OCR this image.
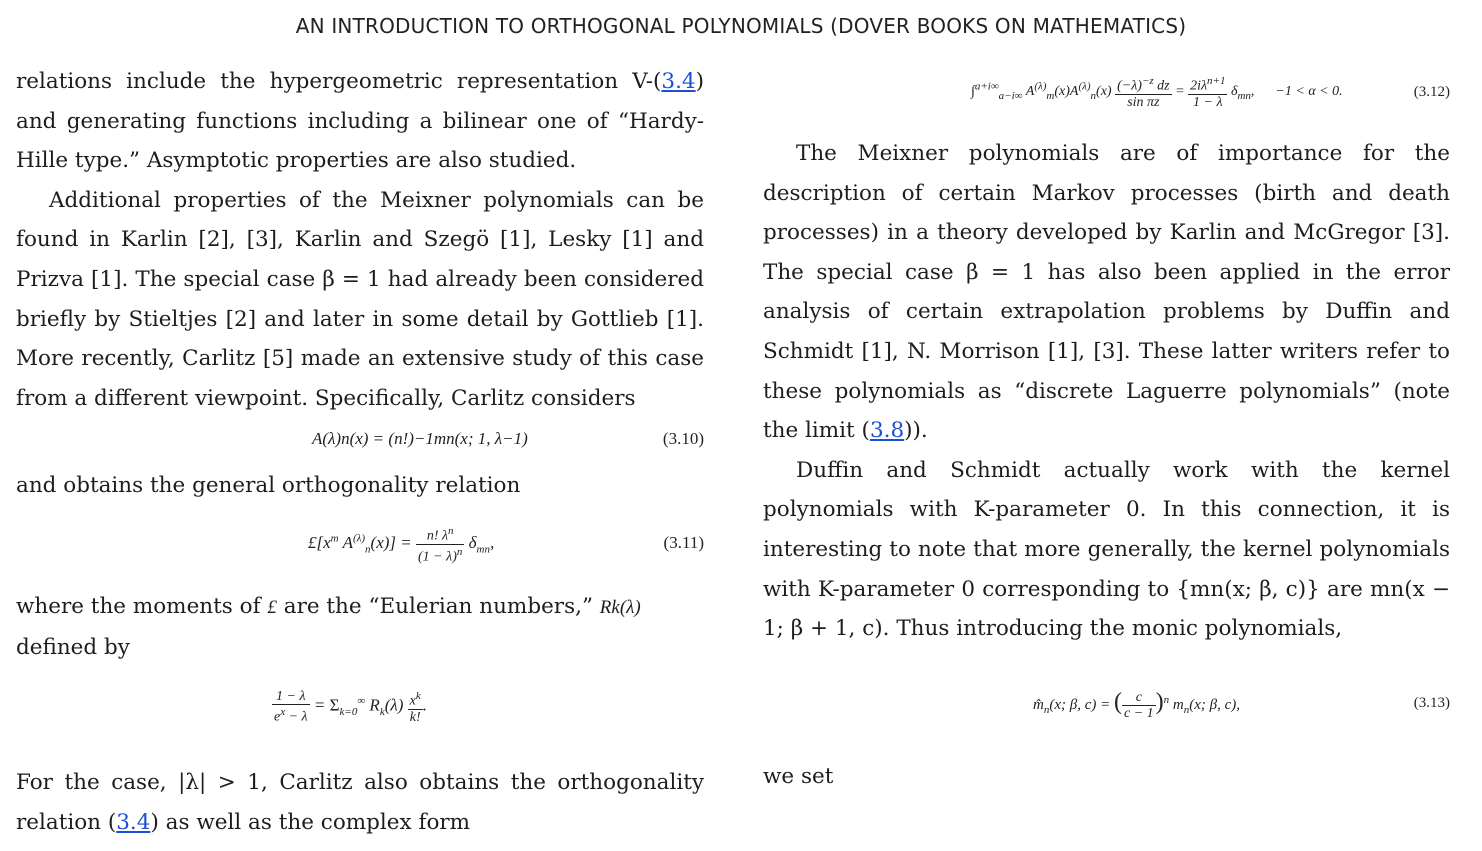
AN INTRODUCTION TO ORTHOGONAL POLYNOMIALS (DOVER BOOKS ON MATHEMATICS)

relations include the hypergeometric representation V-(3.4) and generating functions including a bilinear one of “Hardy-Hille type.” Asymptotic properties are also studied.

Additional properties of the Meixner polynomials can be found in Karlin [2], [3], Karlin and Szegö [1], Lesky [1] and Prizva [1]. The special case β = 1 had already been considered briefly by Stieltjes [2] and later in some detail by Gottlieb [1]. More recently, Carlitz [5] made an extensive study of this case from a different viewpoint. Specifically, Carlitz considers

A(λ)n(x) = (n!)−1mn(x; 1, λ−1)	(3.10)

and obtains the general orthogonality relation

$£[x^m$ $A^{(\lambda)}_n(x)] = \frac{n! \lambda^n}{(1 - \lambda)^n} \delta_{mn}$,	(3.11)

where the moments of £ are the “Eulerian numbers,” Rk(λ)
defined by

$\frac{1 - \lambda}{e^x - \lambda} = \Sigma_{k=0}^\infty$ $R_k(\lambda) \frac{x^k}{k!}$ .

For the case, |λ| > 1, Carlitz also obtains the orthogonality relation (3.4) as well as the complex form

∫$^{a+i\infty}_{a-i\infty}$ $A^{(\lambda)}_m(x)A^{(\lambda)}_n(x) \frac{(-\lambda)^{-z} dz}{\text{sin πz}} = \frac{2i\lambda^{n+1}}{1 - \lambda} \delta_{mn}$,      −1 < α < 0.	(3.12)

The Meixner polynomials are of importance for the description of certain Markov processes (birth and death processes) in a theory developed by Karlin and McGregor [3]. The special case β = 1 has also been applied in the error analysis of certain extrapolation problems by Duffin and Schmidt [1], N. Morrison [1], [3]. These latter writers refer to these polynomials as “discrete Laguerre polynomials” (note the limit (3.8)).

Duffin and Schmidt actually work with the kernel polynomials with K-parameter 0. In this connection, it is interesting to note that more generally, the kernel polynomials with K-parameter 0 corresponding to {mn(x; β, c)} are mn(x − 1; β + 1, c). Thus introducing the monic polynomials,

$m̂_n(x$; β, c) = ( $\frac{c}{c - 1} )^n$ $m_n(x$; β, c),	(3.13)

we set
